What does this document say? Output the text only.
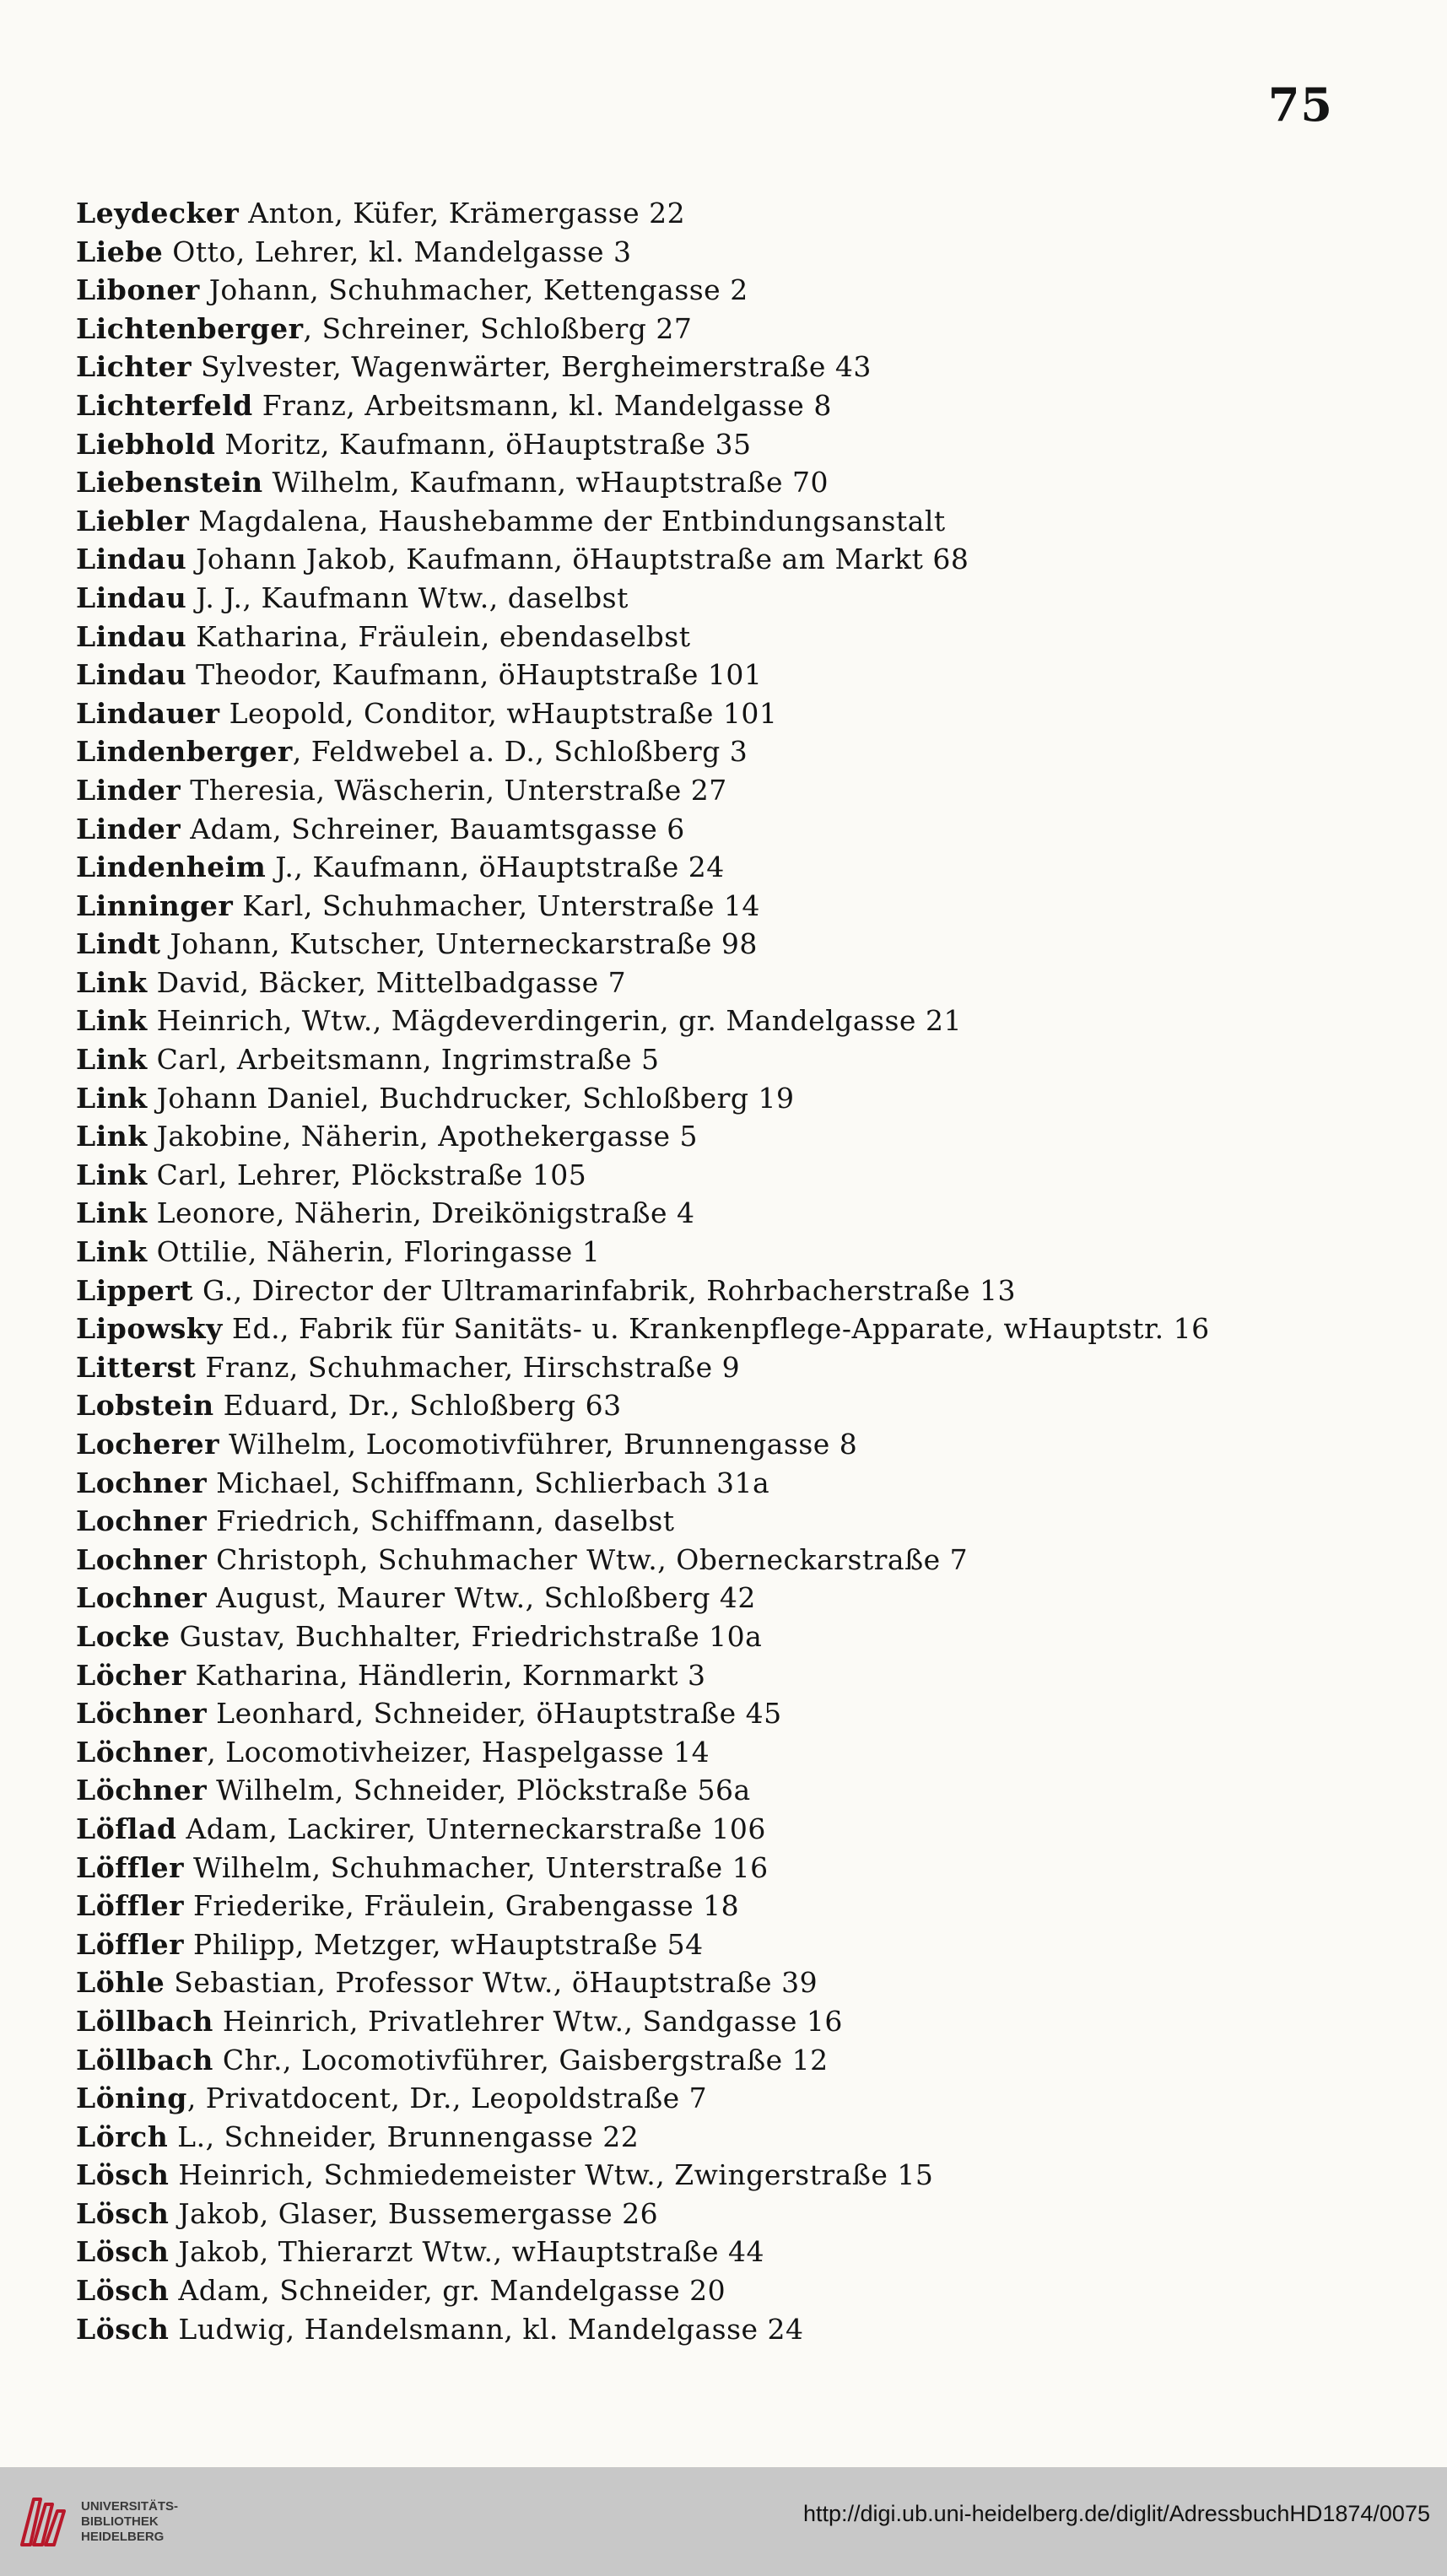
75
Leydecker Anton, Küfer, Krämergasse 22
Liebe Otto, Lehrer, kl. Mandelgasse 3
Liboner Johann, Schuhmacher, Kettengasse 2
Lichtenberger, Schreiner, Schloßberg 27
Lichter Sylvester, Wagenwärter, Bergheimerstraße 43
Lichterfeld Franz, Arbeitsmann, kl. Mandelgasse 8
Liebhold Moritz, Kaufmann, öHauptstraße 35
Liebenstein Wilhelm, Kaufmann, wHauptstraße 70
Liebler Magdalena, Haushebamme der Entbindungsanstalt
Lindau Johann Jakob, Kaufmann, öHauptstraße am Markt 68
Lindau J. J., Kaufmann Wtw., daselbst
Lindau Katharina, Fräulein, ebendaselbst
Lindau Theodor, Kaufmann, öHauptstraße 101
Lindauer Leopold, Conditor, wHauptstraße 101
Lindenberger, Feldwebel a. D., Schloßberg 3
Linder Theresia, Wäscherin, Unterstraße 27
Linder Adam, Schreiner, Bauamtsgasse 6
Lindenheim J., Kaufmann, öHauptstraße 24
Linninger Karl, Schuhmacher, Unterstraße 14
Lindt Johann, Kutscher, Unterneckarstraße 98
Link David, Bäcker, Mittelbadgasse 7
Link Heinrich, Wtw., Mägdeverdingerin, gr. Mandelgasse 21
Link Carl, Arbeitsmann, Ingrimstraße 5
Link Johann Daniel, Buchdrucker, Schloßberg 19
Link Jakobine, Näherin, Apothekergasse 5
Link Carl, Lehrer, Plöckstraße 105
Link Leonore, Näherin, Dreikönigstraße 4
Link Ottilie, Näherin, Floringasse 1
Lippert G., Director der Ultramarinfabrik, Rohrbacherstraße 13
Lipowsky Ed., Fabrik für Sanitäts- u. Krankenpflege-Apparate, wHauptstr. 16
Litterst Franz, Schuhmacher, Hirschstraße 9
Lobstein Eduard, Dr., Schloßberg 63
Locherer Wilhelm, Locomotivführer, Brunnengasse 8
Lochner Michael, Schiffmann, Schlierbach 31a
Lochner Friedrich, Schiffmann, daselbst
Lochner Christoph, Schuhmacher Wtw., Oberneckarstraße 7
Lochner August, Maurer Wtw., Schloßberg 42
Locke Gustav, Buchhalter, Friedrichstraße 10a
Löcher Katharina, Händlerin, Kornmarkt 3
Löchner Leonhard, Schneider, öHauptstraße 45
Löchner, Locomotivheizer, Haspelgasse 14
Löchner Wilhelm, Schneider, Plöckstraße 56a
Löflad Adam, Lackirer, Unterneckarstraße 106
Löffler Wilhelm, Schuhmacher, Unterstraße 16
Löffler Friederike, Fräulein, Grabengasse 18
Löffler Philipp, Metzger, wHauptstraße 54
Löhle Sebastian, Professor Wtw., öHauptstraße 39
Löllbach Heinrich, Privatlehrer Wtw., Sandgasse 16
Löllbach Chr., Locomotivführer, Gaisbergstraße 12
Löning, Privatdocent, Dr., Leopoldstraße 7
Lörch L., Schneider, Brunnengasse 22
Lösch Heinrich, Schmiedemeister Wtw., Zwingerstraße 15
Lösch Jakob, Glaser, Bussemergasse 26
Lösch Jakob, Thierarzt Wtw., wHauptstraße 44
Lösch Adam, Schneider, gr. Mandelgasse 20
Lösch Ludwig, Handelsmann, kl. Mandelgasse 24
UNIVERSITÄTS-
BIBLIOTHEK
HEIDELBERG
http://digi.ub.uni-heidelberg.de/diglit/AdressbuchHD1874/0075
